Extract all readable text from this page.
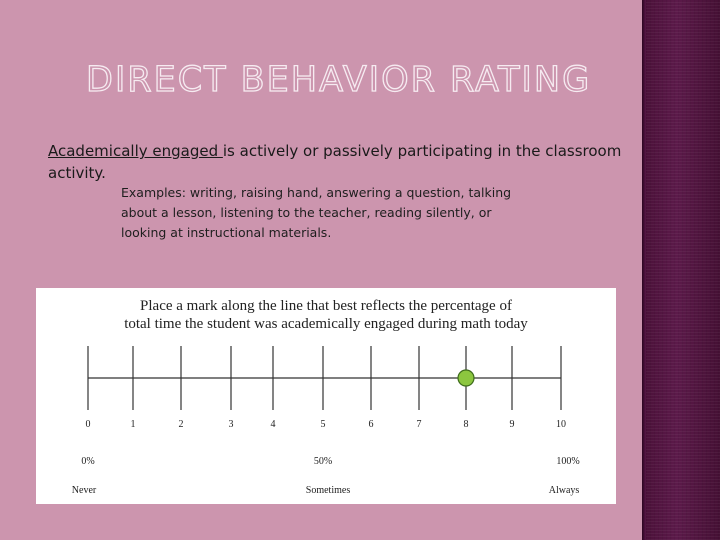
DIRECT BEHAVIOR RATING
Academically engaged is actively or passively participating in the classroom activity.
Examples: writing, raising hand, answering a question, talking about a lesson, listening to the teacher, reading silently, or looking at instructional materials.
Place a mark along the line that best reflects the percentage of
total time the student was academically engaged during math today
0	1	2	3	4	5	6	7	8	9	10
0%	50%	100%
Never	Sometimes	Always
